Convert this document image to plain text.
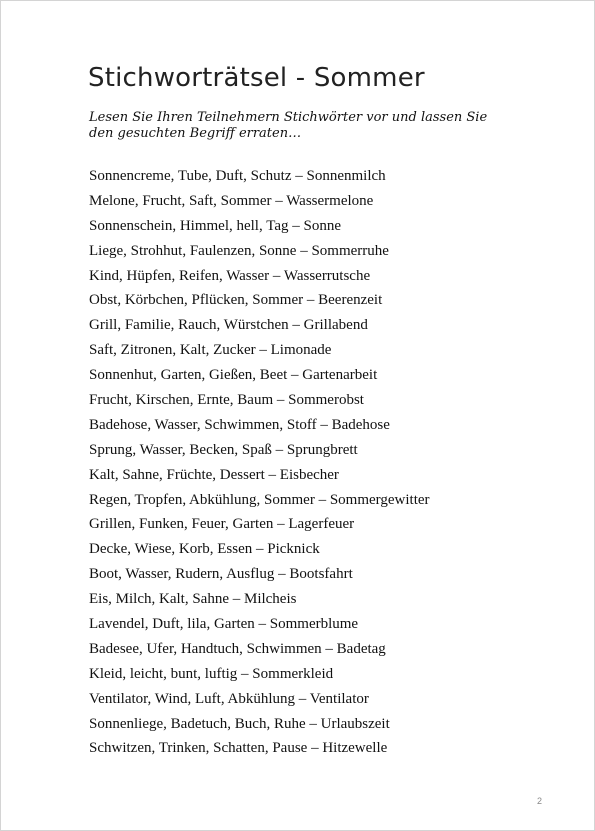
Stichworträtsel - Sommer

Lesen Sie Ihren Teilnehmern Stichwörter vor und lassen Sie den gesuchten Begriff erraten…

Sonnencreme, Tube, Duft, Schutz – Sonnenmilch
Melone, Frucht, Saft, Sommer – Wassermelone
Sonnenschein, Himmel, hell, Tag – Sonne
Liege, Strohhut, Faulenzen, Sonne – Sommerruhe
Kind, Hüpfen, Reifen, Wasser – Wasserrutsche
Obst, Körbchen, Pflücken, Sommer – Beerenzeit
Grill, Familie, Rauch, Würstchen – Grillabend
Saft, Zitronen, Kalt, Zucker – Limonade
Sonnenhut, Garten, Gießen, Beet – Gartenarbeit
Frucht, Kirschen, Ernte, Baum – Sommerobst
Badehose, Wasser, Schwimmen, Stoff – Badehose
Sprung, Wasser, Becken, Spaß – Sprungbrett
Kalt, Sahne, Früchte, Dessert – Eisbecher
Regen, Tropfen, Abkühlung, Sommer – Sommergewitter
Grillen, Funken, Feuer, Garten – Lagerfeuer
Decke, Wiese, Korb, Essen – Picknick
Boot, Wasser, Rudern, Ausflug – Bootsfahrt
Eis, Milch, Kalt, Sahne – Milcheis
Lavendel, Duft, lila, Garten – Sommerblume
Badesee, Ufer, Handtuch, Schwimmen – Badetag
Kleid, leicht, bunt, luftig – Sommerkleid
Ventilator, Wind, Luft, Abkühlung – Ventilator
Sonnenliege, Badetuch, Buch, Ruhe – Urlaubszeit
Schwitzen, Trinken, Schatten, Pause – Hitzewelle
2
